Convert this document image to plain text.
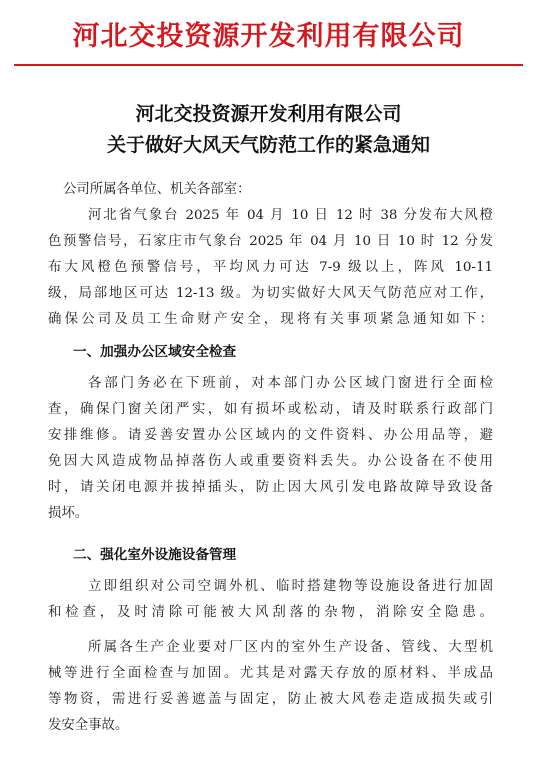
河北交投资源开发利用有限公司
河北交投资源开发利用有限公司
关于做好大风天气防范工作的紧急通知
公司所属各单位、机关各部室：
河北省气象台 2025 年 04 月 10 日 12 时 38 分发布大风橙
色预警信号，石家庄市气象台 2025 年 04 月 10 日 10 时 12 分发
布大风橙色预警信号，平均风力可达 7-9 级以上，阵风 10-11
级，局部地区可达 12-13 级。为切实做好大风天气防范应对工作，
确保公司及员工生命财产安全，现将有关事项紧急通知如下：
一、加强办公区域安全检查
各部门务必在下班前，对本部门办公区域门窗进行全面检
查，确保门窗关闭严实，如有损坏或松动，请及时联系行政部门
安排维修。请妥善安置办公区域内的文件资料、办公用品等，避
免因大风造成物品掉落伤人或重要资料丢失。办公设备在不使用
时，请关闭电源并拔掉插头，防止因大风引发电路故障导致设备
损坏。
二、强化室外设施设备管理
立即组织对公司空调外机、临时搭建物等设施设备进行加固
和检查，及时清除可能被大风刮落的杂物，消除安全隐患。
所属各生产企业要对厂区内的室外生产设备、管线、大型机
械等进行全面检查与加固。尤其是对露天存放的原材料、半成品
等物资，需进行妥善遮盖与固定，防止被大风卷走造成损失或引
发安全事故。
